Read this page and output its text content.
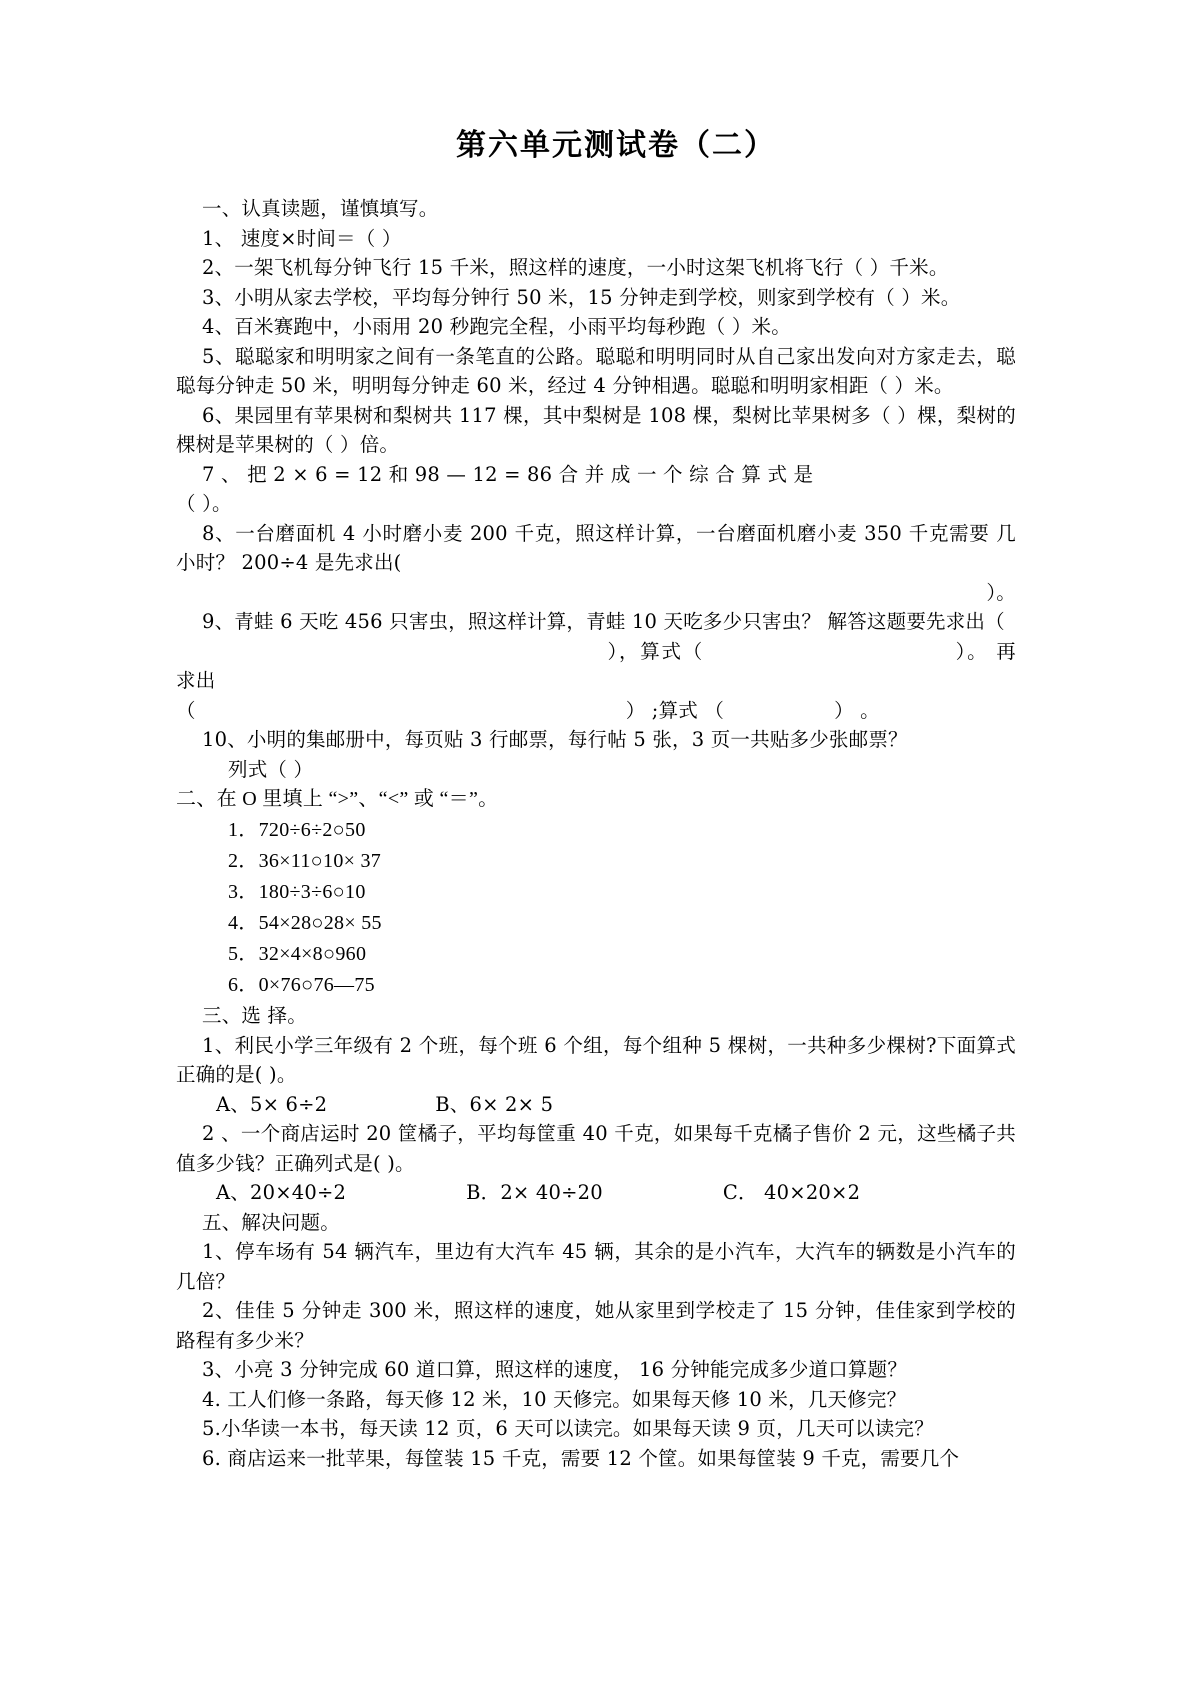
第六单元测试卷（二）

一、认真读题，谨慎填写。

1、 速度×时间＝（ ）

2、一架飞机每分钟飞行 15 千米，照这样的速度，一小时这架飞机将飞行（ ）千米。

3、小明从家去学校，平均每分钟行 50 米，15 分钟走到学校，则家到学校有（ ）米。

4、百米赛跑中，小雨用 20 秒跑完全程，小雨平均每秒跑（ ）米。

5、聪聪家和明明家之间有一条笔直的公路。聪聪和明明同时从自己家出发向对方家走去，聪聪每分钟走 50 米，明明每分钟走 60 米，经过 4 分钟相遇。聪聪和明明家相距（ ）米。

6、果园里有苹果树和梨树共 117 棵，其中梨树是 108 棵，梨树比苹果树多（ ）棵，梨树的棵树是苹果树的（ ）倍。

7 、 把 2 × 6 = 12 和 98 — 12 = 86 合 并 成 一 个 综 合 算 式 是

（ ）。

8、一台磨面机 4 小时磨小麦 200 千克，照这样计算，一台磨面机磨小麦 350 千克需要 几小时？ 200÷4 是先求出(

）。

9、青蛙 6 天吃 456 只害虫，照这样计算，青蛙 10 天吃多少只害虫？ 解答这题要先求出（

），算式（	）。 再求出

（	） ;算式 （	） 。

10、小明的集邮册中，每页贴 3 行邮票，每行帖 5 张，3 页一共贴多少张邮票？

列式（ ）

二、在 O 里填上 “>”、“<” 或 “＝”。

1．720÷6÷2○50

2．36×11○10× 37

3．180÷3÷6○10

4．54×28○28× 55

5．32×4×8○960

6．0×76○76—75

三、选 择。

1、利民小学三年级有 2 个班，每个班 6 个组，每个组种 5 棵树，一共种多少棵树?下面算式正确的是( )。

A、5× 6÷2	B、6× 2× 5

2 、一个商店运时 20 筐橘子，平均每筐重 40 千克，如果每千克橘子售价 2 元，这些橘子共值多少钱？正确列式是( )。

A、20×40÷2	B．2× 40÷20	C． 40×20×2

五、解决问题。

1、停车场有 54 辆汽车，里边有大汽车 45 辆，其余的是小汽车，大汽车的辆数是小汽车的几倍？

2、佳佳 5 分钟走 300 米，照这样的速度，她从家里到学校走了 15 分钟，佳佳家到学校的路程有多少米？

3、小亮 3 分钟完成 60 道口算，照这样的速度， 16 分钟能完成多少道口算题？

4. 工人们修一条路，每天修 12 米，10 天修完。如果每天修 10 米，几天修完？

5.小华读一本书，每天读 12 页，6 天可以读完。如果每天读 9 页，几天可以读完？

6. 商店运来一批苹果，每筐装 15 千克，需要 12 个筐。如果每筐装 9 千克，需要几个
